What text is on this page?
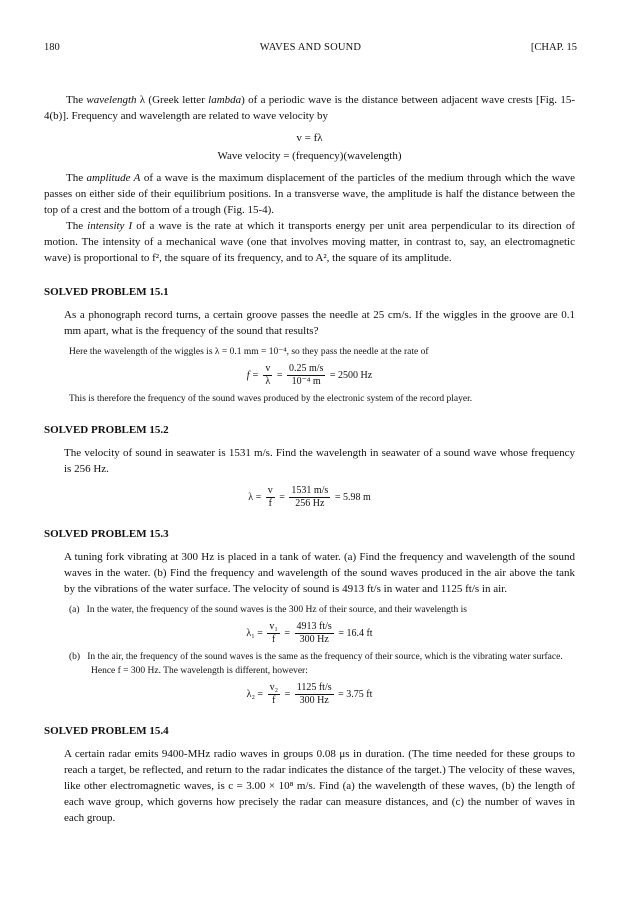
180	WAVES AND SOUND	[CHAP. 15

The wavelength λ (Greek letter lambda) of a periodic wave is the distance between adjacent wave crests [Fig. 15-4(b)]. Frequency and wavelength are related to wave velocity by

v = fλ

Wave velocity = (frequency)(wavelength)

The amplitude A of a wave is the maximum displacement of the particles of the medium through which the wave passes on either side of their equilibrium positions. In a transverse wave, the amplitude is half the distance between the top of a crest and the bottom of a trough (Fig. 15-4).

The intensity I of a wave is the rate at which it transports energy per unit area perpendicular to its direction of motion. The intensity of a mechanical wave (one that involves moving matter, in contrast to, say, an electromagnetic wave) is proportional to f², the square of its frequency, and to A², the square of its amplitude.

SOLVED PROBLEM 15.1

As a phonograph record turns, a certain groove passes the needle at 25 cm/s. If the wiggles in the groove are 0.1 mm apart, what is the frequency of the sound that results?

Here the wavelength of the wiggles is λ = 0.1 mm = 10⁻⁴, so they pass the needle at the rate of
$f = \frac{v}{\lambda} = \frac{0.25 m/s}{\text{10⁻⁴ m}} = 2500$ Hz
This is therefore the frequency of the sound waves produced by the electronic system of the record player.
SOLVED PROBLEM 15.2

The velocity of sound in seawater is 1531 m/s. Find the wavelength in seawater of a sound wave whose frequency is 256 Hz.

$\lambda = \frac{v}{f} = \frac{1531 m/s}{256 Hz} = 5.98$ m
SOLVED PROBLEM 15.3

A tuning fork vibrating at 300 Hz is placed in a tank of water. (a) Find the frequency and wavelength of the sound waves in the water. (b) Find the frequency and wavelength of the sound waves produced in the air above the tank by the vibrations of the water surface. The velocity of sound is 4913 ft/s in water and 1125 ft/s in air.

(a) In the water, the frequency of the sound waves is the 300 Hz of their source, and their wavelength is
$\lambda_1 = \frac{\text{v₁}}{f} = \frac{4913 ft/s}{300 Hz} = 16.4$ ft
(b) In the air, the frequency of the sound waves is the same as the frequency of their source, which is the vibrating water surface. Hence f = 300 Hz. The wavelength is different, however:
$\lambda_2 = \frac{\text{v₂}}{f} = \frac{1125 ft/s}{300 Hz} = 3.75$ ft
SOLVED PROBLEM 15.4

A certain radar emits 9400-MHz radio waves in groups 0.08 μs in duration. (The time needed for these groups to reach a target, be reflected, and return to the radar indicates the distance of the target.) The velocity of these waves, like other electromagnetic waves, is c = 3.00 × 10⁸ m/s. Find (a) the wavelength of these waves, (b) the length of each wave group, which governs how precisely the radar can measure distances, and (c) the number of waves in each group.
